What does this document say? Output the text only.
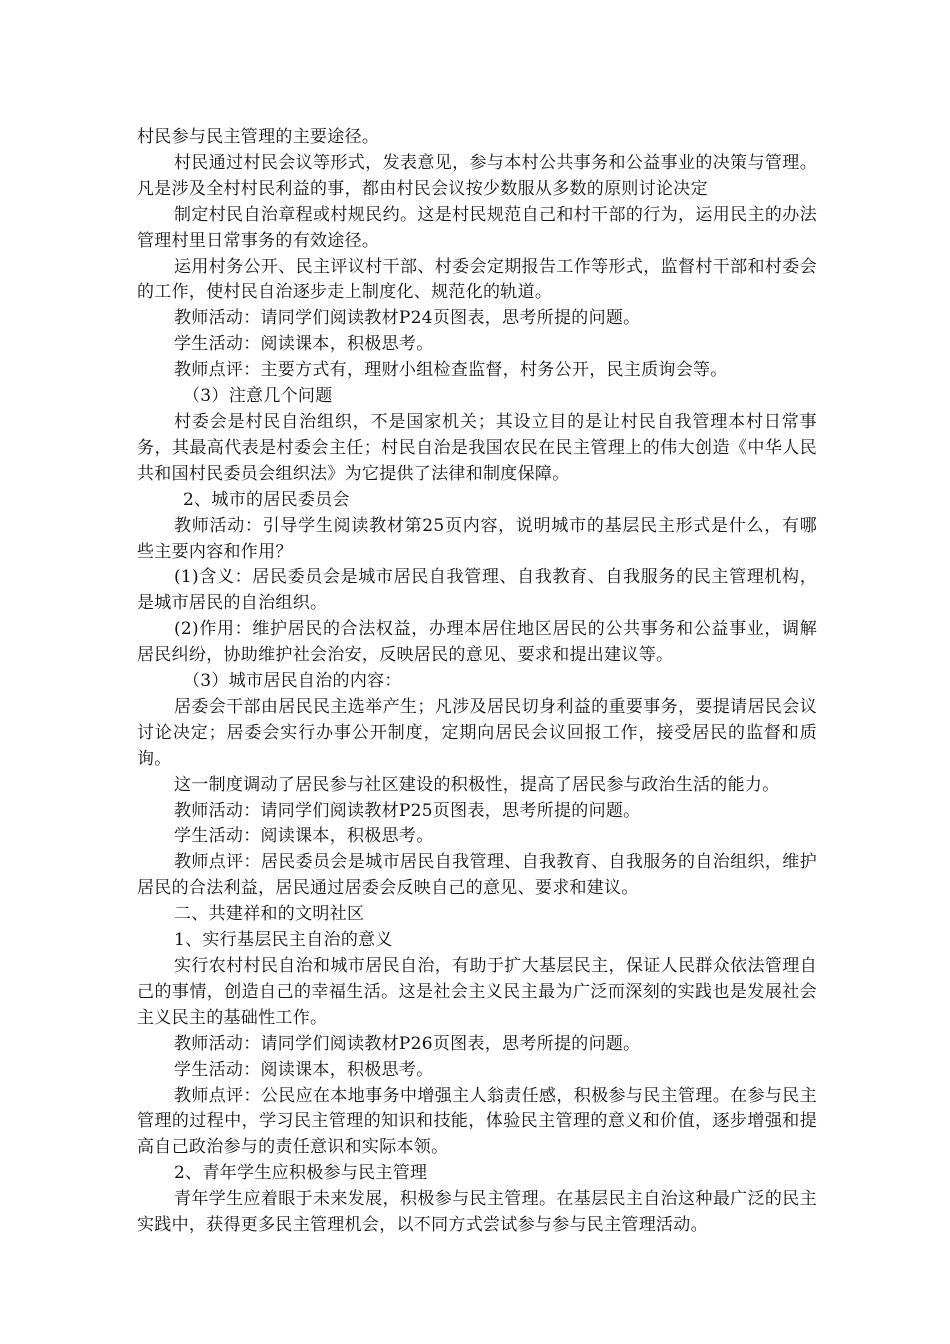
村民参与民主管理的主要途径。

村民通过村民会议等形式，发表意见，参与本村公共事务和公益事业的决策与管理。凡是涉及全村村民利益的事，都由村民会议按少数服从多数的原则讨论决定

制定村民自治章程或村规民约。这是村民规范自己和村干部的行为，运用民主的办法管理村里日常事务的有效途径。

运用村务公开、民主评议村干部、村委会定期报告工作等形式，监督村干部和村委会的工作，使村民自治逐步走上制度化、规范化的轨道。

教师活动：请同学们阅读教材P24页图表，思考所提的问题。

学生活动：阅读课本，积极思考。

教师点评：主要方式有，理财小组检查监督，村务公开，民主质询会等。

（3）注意几个问题

村委会是村民自治组织，不是国家机关；其设立目的是让村民自我管理本村日常事务，其最高代表是村委会主任；村民自治是我国农民在民主管理上的伟大创造《中华人民共和国村民委员会组织法》为它提供了法律和制度保障。

2、城市的居民委员会

教师活动：引导学生阅读教材第25页内容，说明城市的基层民主形式是什么，有哪些主要内容和作用？

(1)含义：居民委员会是城市居民自我管理、自我教育、自我服务的民主管理机构，是城市居民的自治组织。

(2)作用：维护居民的合法权益，办理本居住地区居民的公共事务和公益事业，调解居民纠纷，协助维护社会治安，反映居民的意见、要求和提出建议等。

（3）城市居民自治的内容：

居委会干部由居民民主选举产生；凡涉及居民切身利益的重要事务，要提请居民会议讨论决定；居委会实行办事公开制度，定期向居民会议回报工作，接受居民的监督和质询。

这一制度调动了居民参与社区建设的积极性，提高了居民参与政治生活的能力。

教师活动：请同学们阅读教材P25页图表，思考所提的问题。

学生活动：阅读课本，积极思考。

教师点评：居民委员会是城市居民自我管理、自我教育、自我服务的自治组织，维护居民的合法利益，居民通过居委会反映自己的意见、要求和建议。

二、共建祥和的文明社区

1、实行基层民主自治的意义

实行农村村民自治和城市居民自治，有助于扩大基层民主，保证人民群众依法管理自己的事情，创造自己的幸福生活。这是社会主义民主最为广泛而深刻的实践也是发展社会主义民主的基础性工作。

教师活动：请同学们阅读教材P26页图表，思考所提的问题。

学生活动：阅读课本，积极思考。

教师点评：公民应在本地事务中增强主人翁责任感，积极参与民主管理。在参与民主管理的过程中，学习民主管理的知识和技能，体验民主管理的意义和价值，逐步增强和提高自己政治参与的责任意识和实际本领。

2、青年学生应积极参与民主管理

青年学生应着眼于未来发展，积极参与民主管理。在基层民主自治这种最广泛的民主实践中，获得更多民主管理机会，以不同方式尝试参与参与民主管理活动。
